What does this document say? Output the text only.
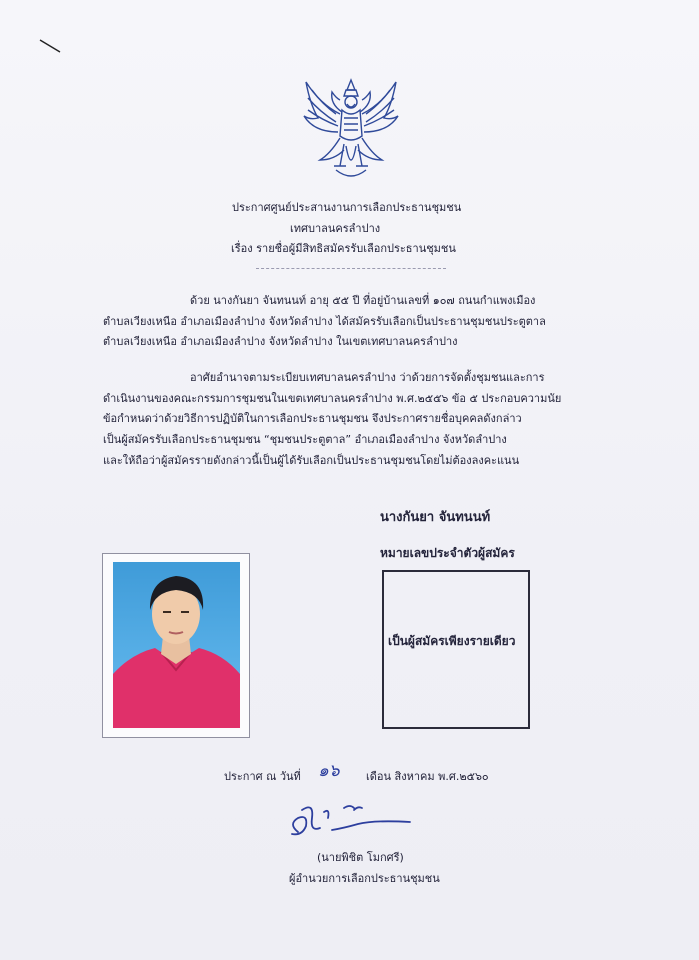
ประกาศศูนย์ประสานงานการเลือกประธานชุมชน
เทศบาลนครลำปาง
เรื่อง รายชื่อผู้มีสิทธิสมัครรับเลือกประธานชุมชน
ด้วย นางกันยา จันทนนท์ อายุ ๕๕ ปี ที่อยู่บ้านเลขที่ ๑๐๗ ถนนกำแพงเมือง
ตำบลเวียงเหนือ อำเภอเมืองลำปาง จังหวัดลำปาง ได้สมัครรับเลือกเป็นประธานชุมชนประตูตาล
ตำบลเวียงเหนือ อำเภอเมืองลำปาง จังหวัดลำปาง ในเขตเทศบาลนครลำปาง
อาศัยอำนาจตามระเบียบเทศบาลนครลำปาง ว่าด้วยการจัดตั้งชุมชนและการ
ดำเนินงานของคณะกรรมการชุมชนในเขตเทศบาลนครลำปาง พ.ศ.๒๕๕๖ ข้อ ๕ ประกอบความนัย
ข้อกำหนดว่าด้วยวิธีการปฏิบัติในการเลือกประธานชุมชน จึงประกาศรายชื่อบุคคลดังกล่าว
เป็นผู้สมัครรับเลือกประธานชุมชน “ชุมชนประตูตาล” อำเภอเมืองลำปาง จังหวัดลำปาง
และให้ถือว่าผู้สมัครรายดังกล่าวนี้เป็นผู้ได้รับเลือกเป็นประธานชุมชนโดยไม่ต้องลงคะแนน
นางกันยา จันทนนท์
หมายเลขประจำตัวผู้สมัคร
เป็นผู้สมัครเพียงรายเดียว
ประกาศ ณ วันที่ ๑๖ เดือน สิงหาคม พ.ศ.๒๕๖๐
(นายพิชิต โมกศรี)
ผู้อำนวยการเลือกประธานชุมชน
